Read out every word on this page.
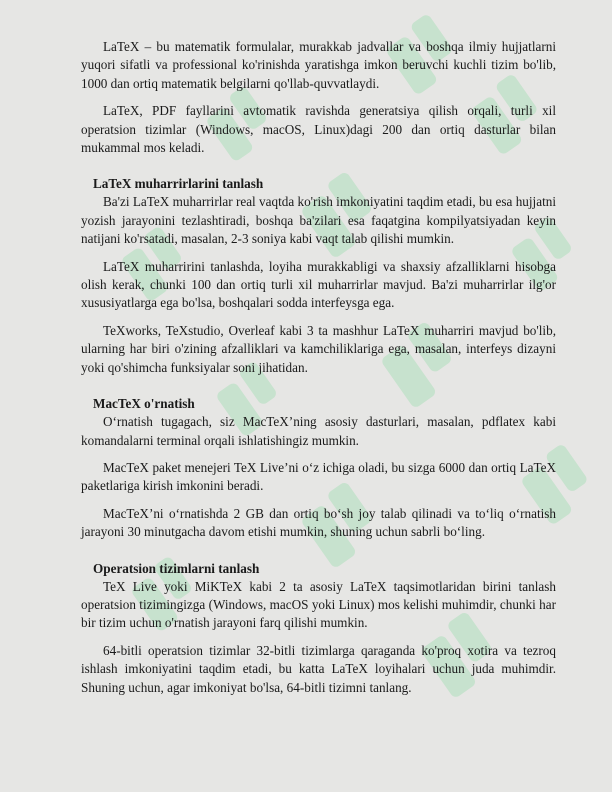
LaTeX – bu matematik formulalar, murakkab jadvallar va boshqa ilmiy hujjatlarni yuqori sifatli va professional ko'rinishda yaratishga imkon beruvchi kuchli tizim bo'lib, 1000 dan ortiq matematik belgilarni qo'llab-quvvatlaydi.

LaTeX, PDF fayllarini avtomatik ravishda generatsiya qilish orqali, turli xil operatsion tizimlar (Windows, macOS, Linux)dagi 200 dan ortiq dasturlar bilan mukammal mos keladi.

LaTeX muharrirlarini tanlash

Ba'zi LaTeX muharrirlar real vaqtda ko'rish imkoniyatini taqdim etadi, bu esa hujjatni yozish jarayonini tezlashtiradi, boshqa ba'zilari esa faqatgina kompilyatsiyadan keyin natijani ko'rsatadi, masalan, 2-3 soniya kabi vaqt talab qilishi mumkin.

LaTeX muharririni tanlashda, loyiha murakkabligi va shaxsiy afzalliklarni hisobga olish kerak, chunki 100 dan ortiq turli xil muharrirlar mavjud. Ba'zi muharrirlar ilg'or xususiyatlarga ega bo'lsa, boshqalari sodda interfeysga ega.

TeXworks, TeXstudio, Overleaf kabi 3 ta mashhur LaTeX muharriri mavjud bo'lib, ularning har biri o'zining afzalliklari va kamchiliklariga ega, masalan, interfeys dizayni yoki qo'shimcha funksiyalar soni jihatidan.

MacTeX o'rnatish

O‘rnatish tugagach, siz MacTeX’ning asosiy dasturlari, masalan, pdflatex kabi komandalarni terminal orqali ishlatishingiz mumkin.

MacTeX paket menejeri TeX Live’ni o‘z ichiga oladi, bu sizga 6000 dan ortiq LaTeX paketlariga kirish imkonini beradi.

MacTeX’ni o‘rnatishda 2 GB dan ortiq bo‘sh joy talab qilinadi va to‘liq o‘rnatish jarayoni 30 minutgacha davom etishi mumkin, shuning uchun sabrli bo‘ling.

Operatsion tizimlarni tanlash

TeX Live yoki MiKTeX kabi 2 ta asosiy LaTeX taqsimotlaridan birini tanlash operatsion tizimingizga (Windows, macOS yoki Linux) mos kelishi muhimdir, chunki har bir tizim uchun o'rnatish jarayoni farq qilishi mumkin.

64-bitli operatsion tizimlar 32-bitli tizimlarga qaraganda ko'proq xotira va tezroq ishlash imkoniyatini taqdim etadi, bu katta LaTeX loyihalari uchun juda muhimdir. Shuning uchun, agar imkoniyat bo'lsa, 64-bitli tizimni tanlang.
